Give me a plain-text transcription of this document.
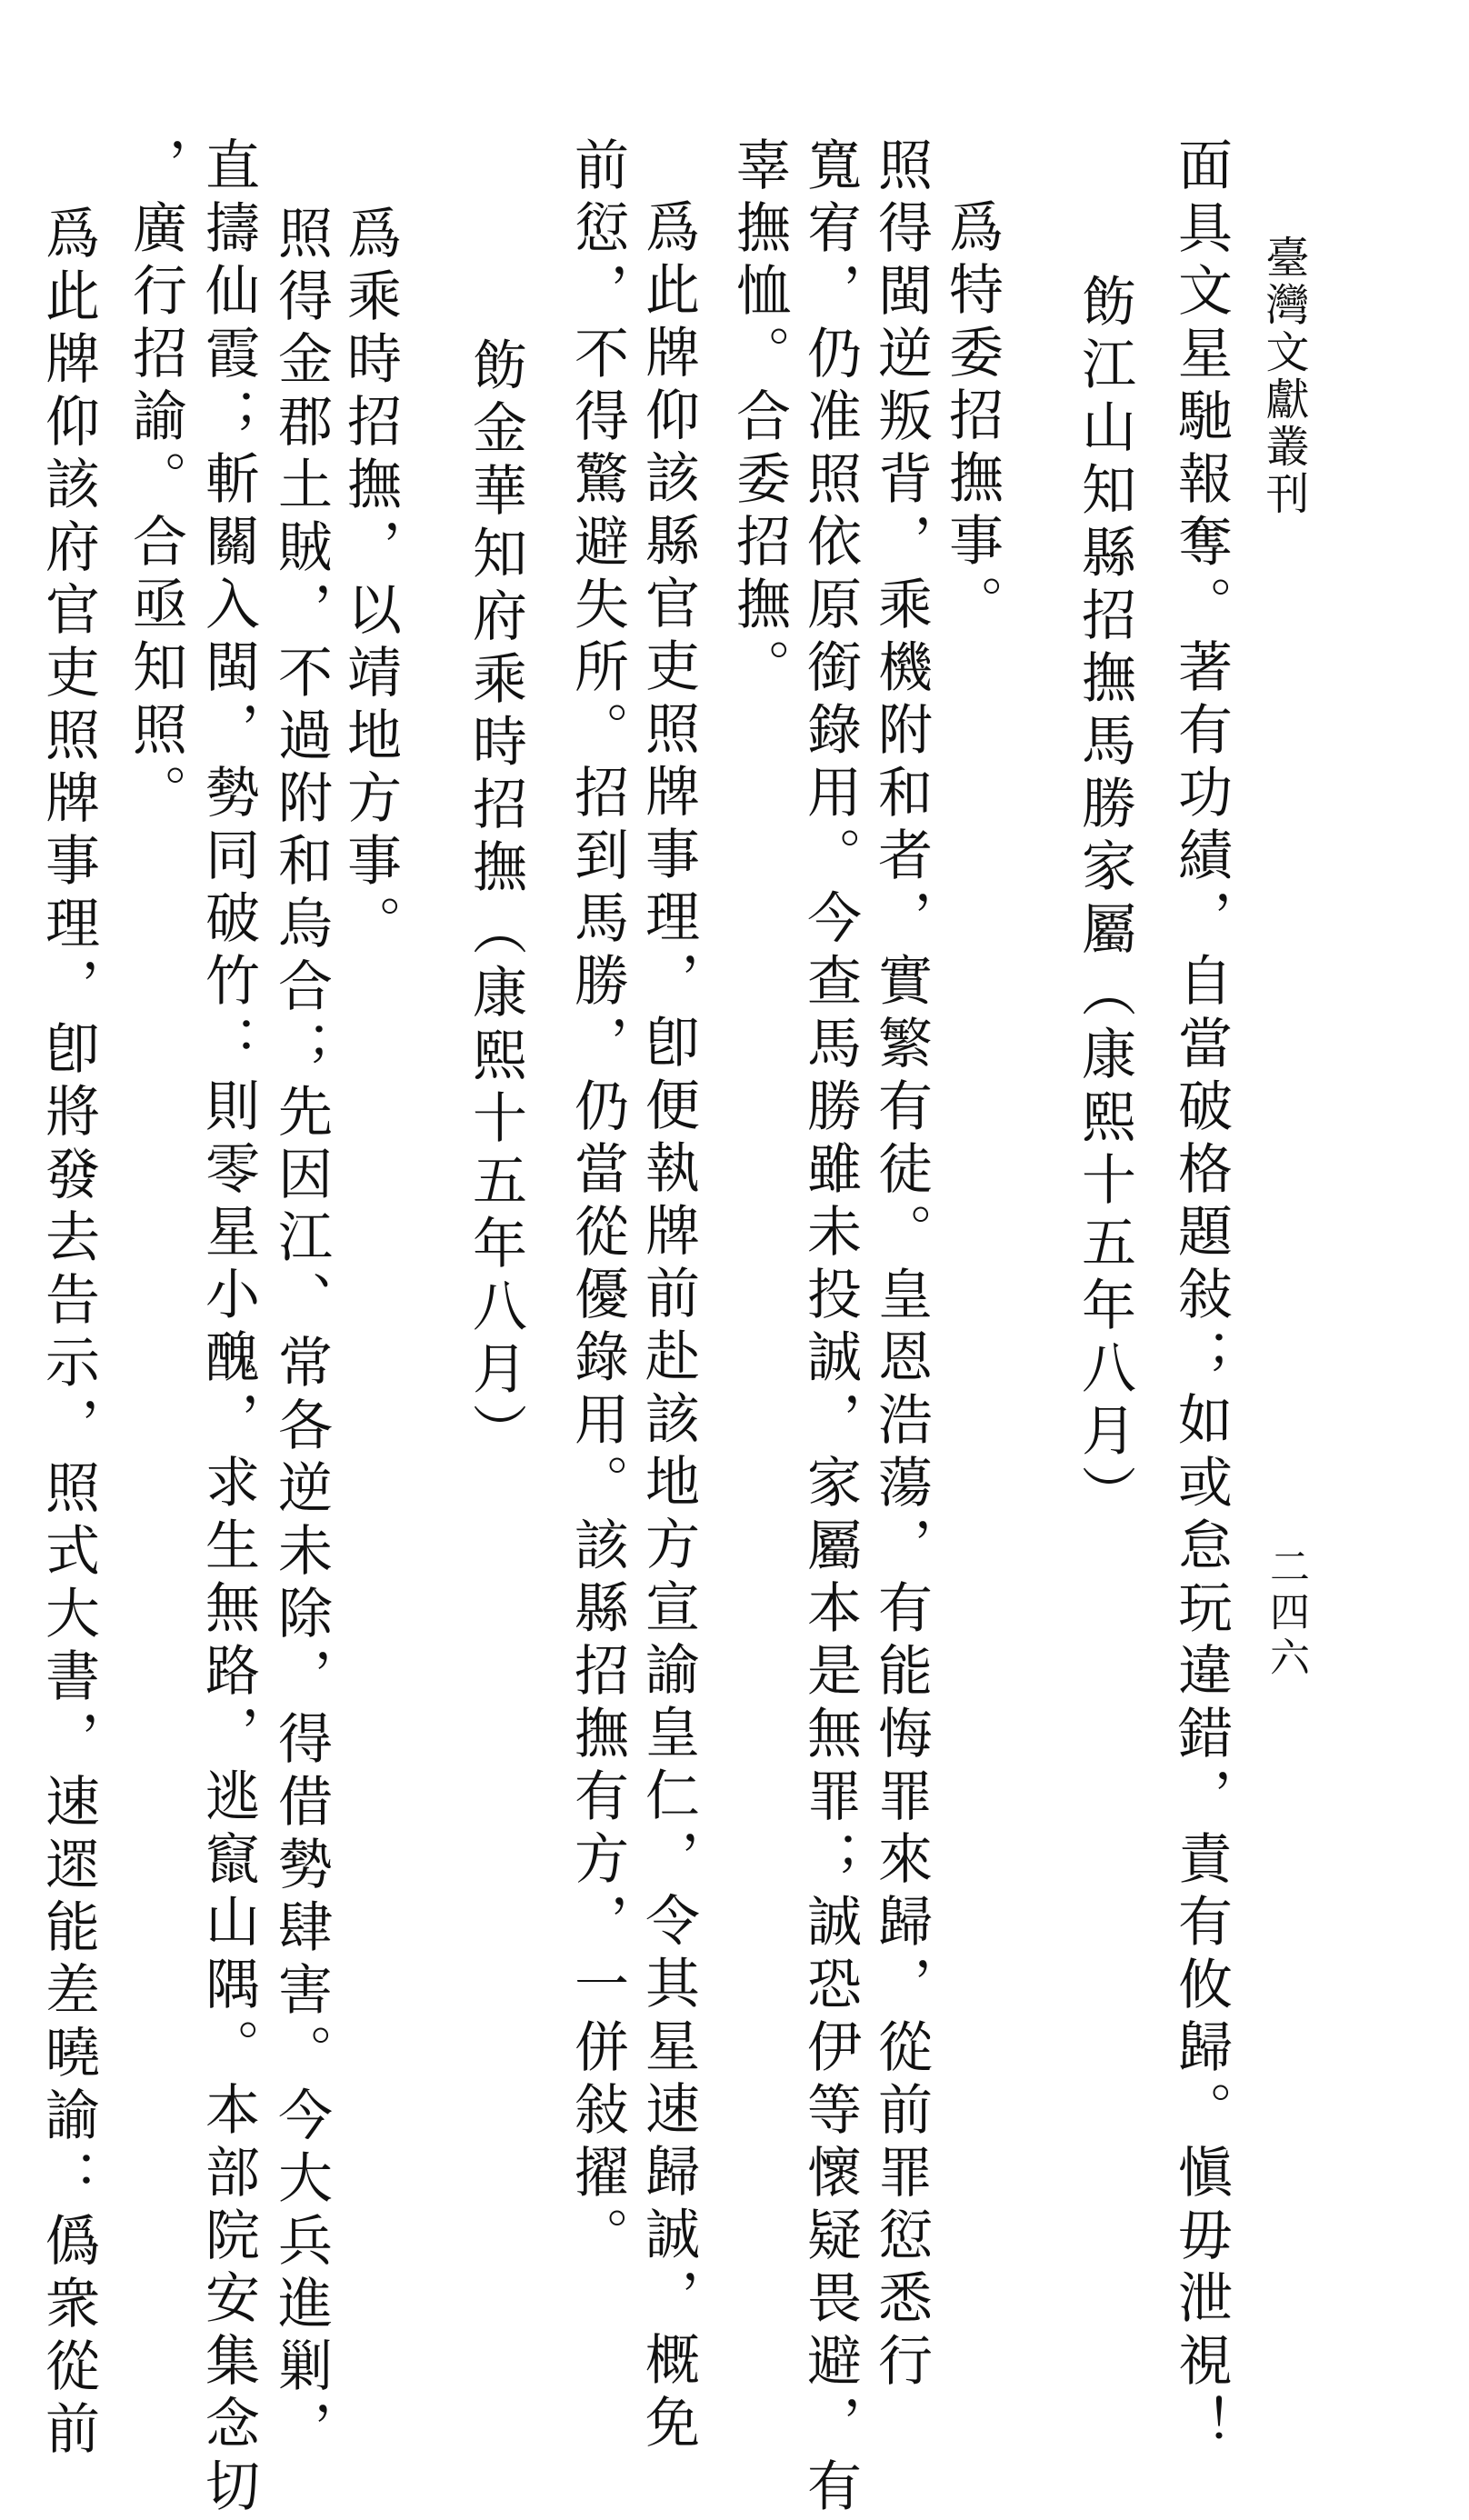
臺灣文獻叢刊
二四六
面具文星馳報奪。著有功績，自當破格題敍；如或怠玩違錯，責有攸歸。愼毋泄視！
飭江山知縣招撫馬勝家屬（康熙十五年八月）
爲特委招撫事。
照得閩逆叛背，乘機附和者，實繁有徒。皇恩浩蕩，有能悔罪來歸，從前罪愆悉行
寬宥，仍准照依原銜錄用。今查馬勝雖未投誠，家屬本是無罪；誠恐伊等懷疑畏避，有
辜撫恤。合委招撫。
爲此牌仰該縣官吏照牌事理，卽便執牌前赴該地方宣諭皇仁，令其星速歸誠，概免
前愆，不得驚避失所。招到馬勝，仍當從優錄用。該縣招撫有方，一併敍擢。
飭金華知府乘時招撫（康熙十五年八月）
爲乘時招撫，以靖地方事。
照得金郡土賊，不過附和烏合；先因江、常各逆未除，得借勢肆害。今大兵進剿，
直擣仙霞；斬關入閩，勢同破竹：則零星小醜，求生無路，逃竄山隅。本部院安集念切
，廣行招諭。合亟知照。
爲此牌仰該府官吏照牌事理，卽將發去告示，照式大書，速遝能差曉諭：僞衆從前
